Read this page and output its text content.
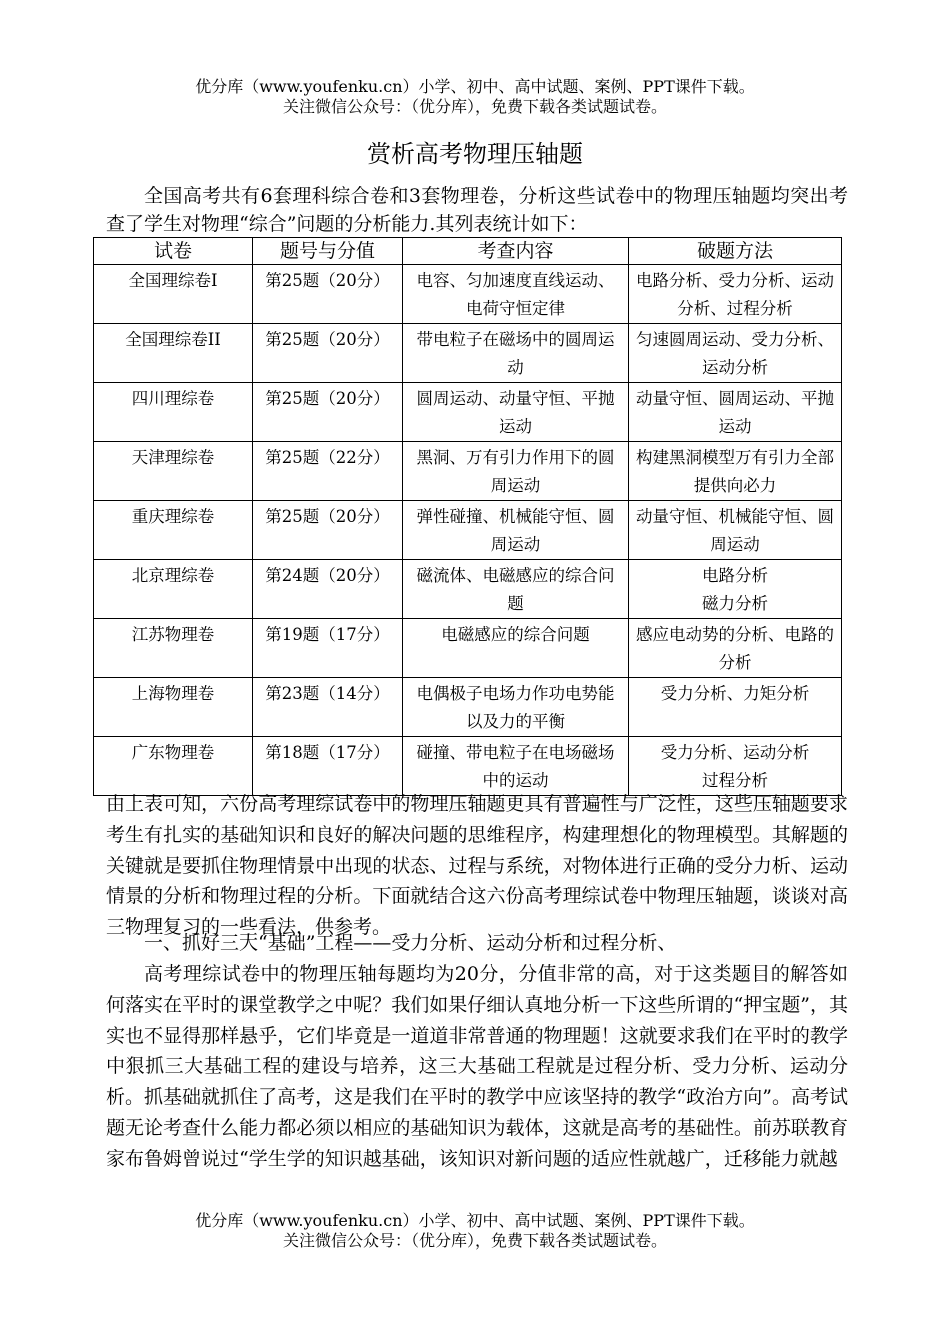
优分库（www.youfenku.cn）小学、初中、高中试题、案例、PPT课件下载。
关注微信公众号：（优分库），免费下载各类试题试卷。
赏析高考物理压轴题
全国高考共有6套理科综合卷和3套物理卷，分析这些试卷中的物理压轴题均突出考查了学生对物理“综合”问题的分析能力.其列表统计如下：
试卷	题号与分值	考查内容	破题方法
全国理综卷I	第25题（20分）	电容、匀加速度直线运动、电荷守恒定律	电路分析、受力分析、运动分析、过程分析
全国理综卷II	第25题（20分）	带电粒子在磁场中的圆周运动	匀速圆周运动、受力分析、运动分析
四川理综卷	第25题（20分）	圆周运动、动量守恒、平抛运动	动量守恒、圆周运动、平抛运动
天津理综卷	第25题（22分）	黑洞、万有引力作用下的圆周运动	构建黑洞模型万有引力全部提供向必力
重庆理综卷	第25题（20分）	弹性碰撞、机械能守恒、圆周运动	动量守恒、机械能守恒、圆周运动
北京理综卷	第24题（20分）	磁流体、电磁感应的综合问题	电路分析
磁力分析
江苏物理卷	第19题（17分）	电磁感应的综合问题	感应电动势的分析、电路的分析
上海物理卷	第23题（14分）	电偶极子电场力作功电势能以及力的平衡	受力分析、力矩分析
广东物理卷	第18题（17分）	碰撞、带电粒子在电场磁场中的运动	受力分析、运动分析
过程分析
由上表可知，六份高考理综试卷中的物理压轴题更具有普遍性与广泛性，这些压轴题要求考生有扎实的基础知识和良好的解决问题的思维程序，构建理想化的物理模型。其解题的关键就是要抓住物理情景中出现的状态、过程与系统，对物体进行正确的受分力析、运动情景的分析和物理过程的分析。下面就结合这六份高考理综试卷中物理压轴题，谈谈对高三物理复习的一些看法，供参考。
一、抓好三大“基础”工程——受力分析、运动分析和过程分析、
高考理综试卷中的物理压轴每题均为20分，分值非常的高，对于这类题目的解答如何落实在平时的课堂教学之中呢？我们如果仔细认真地分析一下这些所谓的“押宝题”，其实也不显得那样悬乎，它们毕竟是一道道非常普通的物理题！这就要求我们在平时的教学中狠抓三大基础工程的建设与培养，这三大基础工程就是过程分析、受力分析、运动分析。抓基础就抓住了高考，这是我们在平时的教学中应该坚持的教学“政治方向”。高考试题无论考查什么能力都必须以相应的基础知识为载体，这就是高考的基础性。前苏联教育家布鲁姆曾说过“学生学的知识越基础，该知识对新问题的适应性就越广，迁移能力就越
优分库（www.youfenku.cn）小学、初中、高中试题、案例、PPT课件下载。
关注微信公众号：（优分库），免费下载各类试题试卷。
